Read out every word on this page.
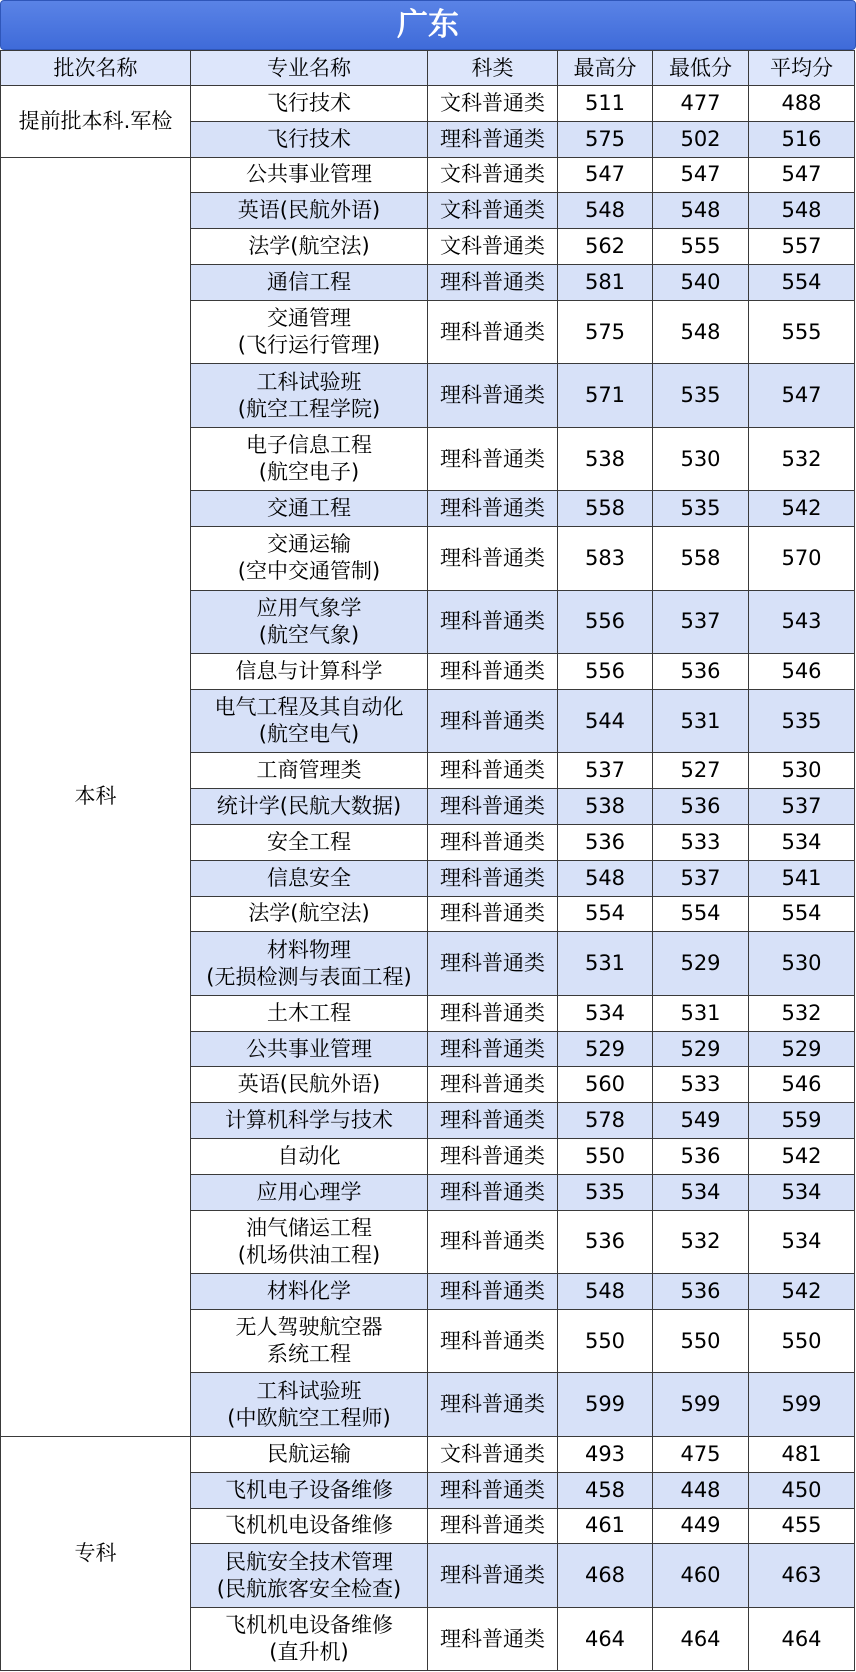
广东
批次名称	专业名称	科类	最高分	最低分	平均分
提前批本科.军检	飞行技术	文科普通类	511	477	488

	飞行技术	理科普通类	575	502	516
本科	公共事业管理	文科普通类	547	547	547

	英语(民航外语)	文科普通类	548	548	548

	法学(航空法)	文科普通类	562	555	557

	通信工程	理科普通类	581	540	554

	交通管理
(飞行运行管理)	理科普通类	575	548	555

	工科试验班
(航空工程学院)	理科普通类	571	535	547

	电子信息工程
(航空电子)	理科普通类	538	530	532

	交通工程	理科普通类	558	535	542

	交通运输
(空中交通管制)	理科普通类	583	558	570

	应用气象学
(航空气象)	理科普通类	556	537	543

	信息与计算科学	理科普通类	556	536	546

	电气工程及其自动化
(航空电气)	理科普通类	544	531	535

	工商管理类	理科普通类	537	527	530

	统计学(民航大数据)	理科普通类	538	536	537

	安全工程	理科普通类	536	533	534

	信息安全	理科普通类	548	537	541

	法学(航空法)	理科普通类	554	554	554

	材料物理
(无损检测与表面工程)	理科普通类	531	529	530

	土木工程	理科普通类	534	531	532

	公共事业管理	理科普通类	529	529	529

	英语(民航外语)	理科普通类	560	533	546

	计算机科学与技术	理科普通类	578	549	559

	自动化	理科普通类	550	536	542

	应用心理学	理科普通类	535	534	534

	油气储运工程
(机场供油工程)	理科普通类	536	532	534

	材料化学	理科普通类	548	536	542

	无人驾驶航空器
系统工程	理科普通类	550	550	550

	工科试验班
(中欧航空工程师)	理科普通类	599	599	599
专科	民航运输	文科普通类	493	475	481

	飞机电子设备维修	理科普通类	458	448	450

	飞机机电设备维修	理科普通类	461	449	455

	民航安全技术管理
(民航旅客安全检查)	理科普通类	468	460	463

	飞机机电设备维修
(直升机)	理科普通类	464	464	464
